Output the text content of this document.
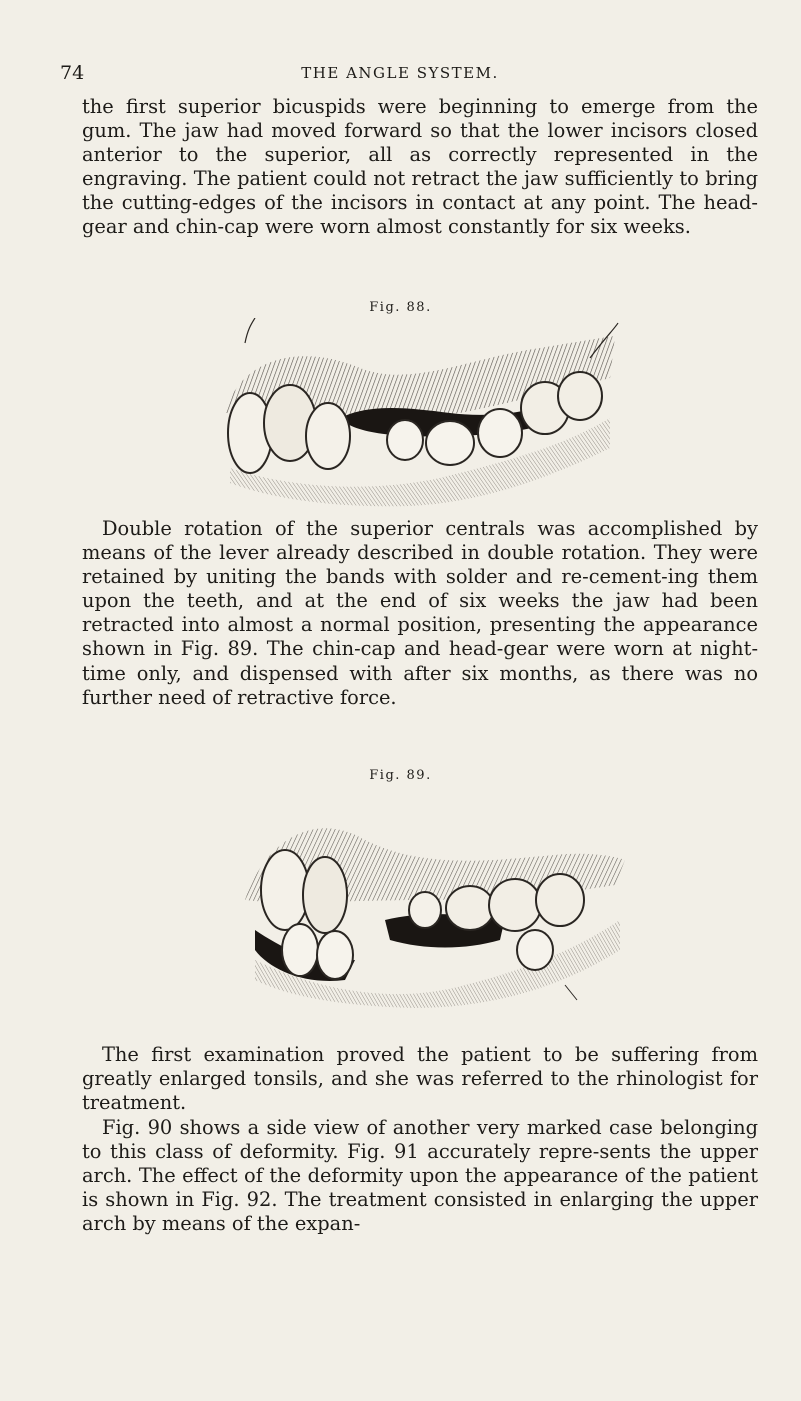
74	THE ANGLE SYSTEM.

the first superior bicuspids were beginning to emerge from the gum. The jaw had moved forward so that the lower incisors closed anterior to the superior, all as correctly represented in the engraving. The patient could not retract the jaw sufficiently to bring the cutting-edges of the incisors in contact at any point. The head-gear and chin-cap were worn almost constantly for six weeks.

Fig. 88.

Double rotation of the superior centrals was accomplished by means of the lever already described in double rotation. They were retained by uniting the bands with solder and re-cement-ing them upon the teeth, and at the end of six weeks the jaw had been retracted into almost a normal position, presenting the appearance shown in Fig. 89. The chin-cap and head-gear were worn at night-time only, and dispensed with after six months, as there was no further need of retractive force.

Fig. 89.

The first examination proved the patient to be suffering from greatly enlarged tonsils, and she was referred to the rhinologist for treatment.

Fig. 90 shows a side view of another very marked case belonging to this class of deformity. Fig. 91 accurately repre-sents the upper arch. The effect of the deformity upon the appearance of the patient is shown in Fig. 92. The treatment consisted in enlarging the upper arch by means of the expan-
